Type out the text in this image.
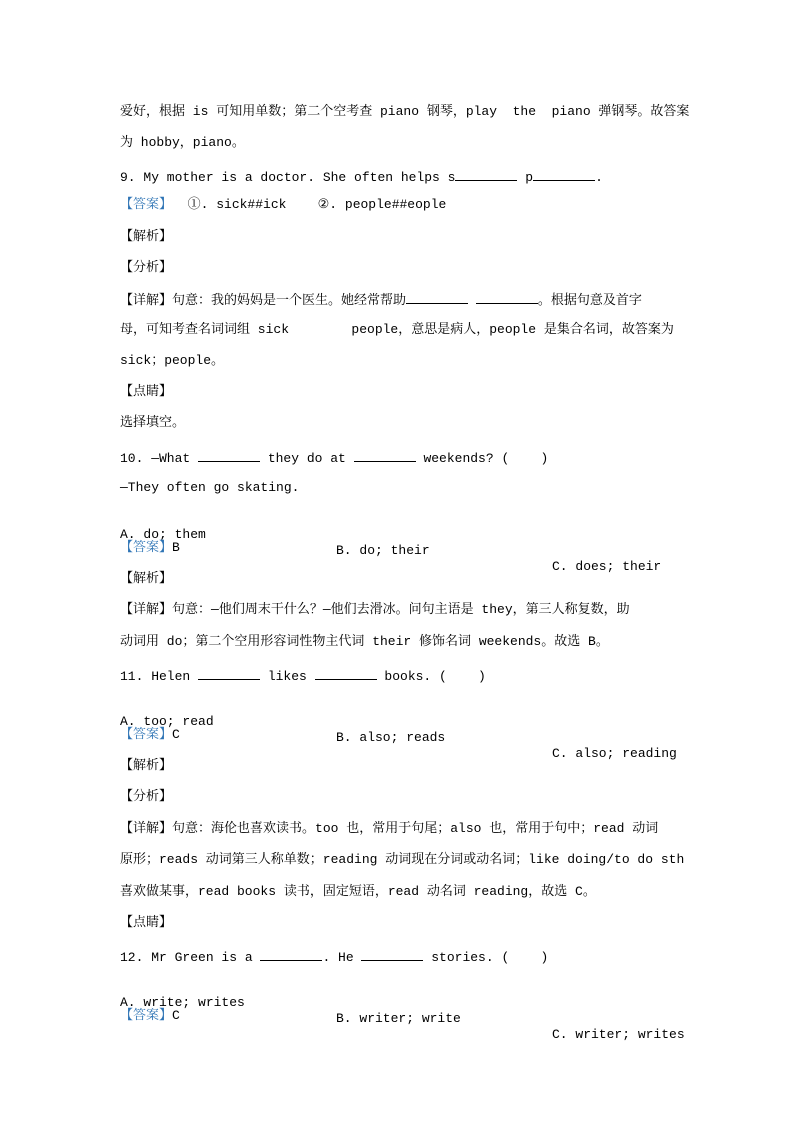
爱好，根据 is 可知用单数；第二个空考查 piano 钢琴，play  the  piano 弹钢琴。故答案
为 hobby，piano。
9. My mother is a doctor. She often helps s	p	.
【答案】  ①. sick##ick    ②. people##eople
【解析】
【分析】
【详解】句意：我的妈妈是一个医生。她经常帮助	。根据句意及首字
母，可知考查名词词组 sick        people，意思是病人，people 是集合名词，故答案为
sick；people。
【点睛】
选择填空。
10. —What	they do at	weekends? (    )
—They often go skating.

A. do; them

B. do; their

C. does; their

【答案】B
【解析】
【详解】句意：—他们周末干什么？—他们去滑冰。问句主语是 they，第三人称复数，助
动词用 do；第二个空用形容词性物主代词 their 修饰名词 weekends。故选 B。
11. Helen	likes	books. (    )

A. too; read

B. also; reads

C. also; reading

【答案】C
【解析】
【分析】
【详解】句意：海伦也喜欢读书。too 也，常用于句尾；also 也，常用于句中；read 动词
原形；reads 动词第三人称单数；reading 动词现在分词或动名词；like doing/to do sth
喜欢做某事，read books 读书，固定短语，read 动名词 reading，故选 C。
【点睛】
12. Mr Green is a	. He	stories. (    )

A. write; writes

B. writer; write

C. writer; writes

【答案】C
